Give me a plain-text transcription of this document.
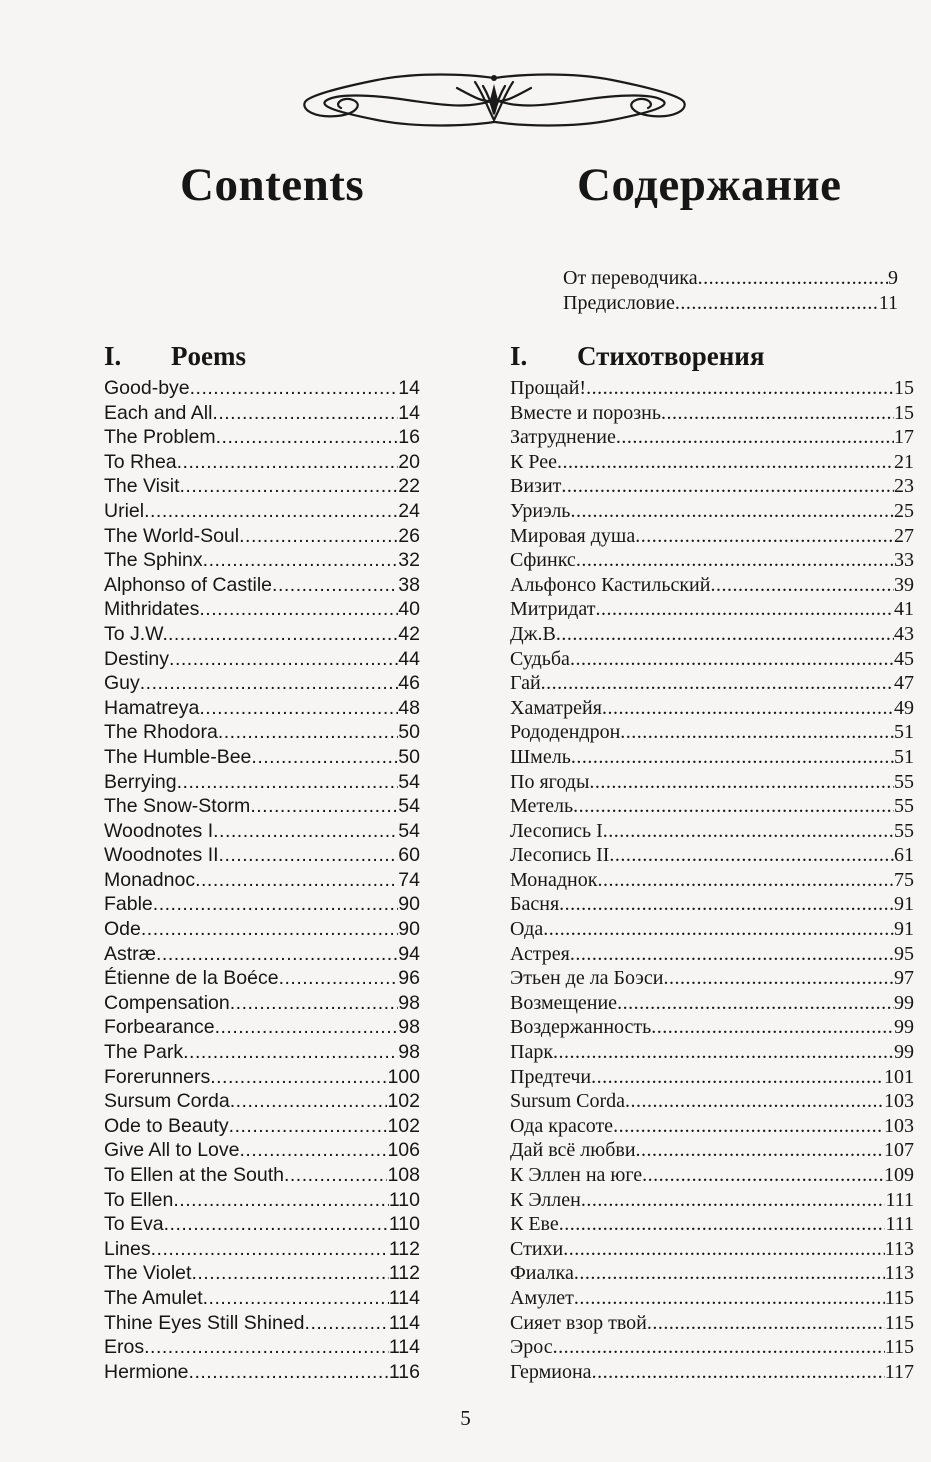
Contents	Содержание
От переводчика .....	9
Предисловие .....	11
I.	Poems
Good-bye .....	14
Each and All .....	14
The Problem .....	16
To Rhea .....	20
The Visit .....	22
Uriel .....	24
The World-Soul .....	26
The Sphinx .....	32
Alphonso of Castile .....	38
Mithridates .....	40
To J.W. .....	42
Destiny .....	44
Guy .....	46
Hamatreya .....	48
The Rhodora .....	50
The Humble-Bee .....	50
Berrying .....	54
The Snow-Storm .....	54
Woodnotes I .....	54
Woodnotes II .....	60
Monadnoc .....	74
Fable .....	90
Ode .....	90
Astræ .....	94
Étienne de la Boéce .....	96
Compensation .....	98
Forbearance .....	98
The Park .....	98
Forerunners .....	100
Sursum Corda .....	102
Ode to Beauty .....	102
Give All to Love .....	106
To Ellen at the South .....	108
To Ellen .....	110
To Eva .....	110
Lines .....	112
The Violet .....	112
The Amulet .....	114
Thine Eyes Still Shined .....	114
Eros .....	114
Hermione .....	116
I.	Стихотворения
Прощай! .....	15
Вместе и порознь .....	15
Затруднение .....	17
К Рее .....	21
Визит .....	23
Уриэль .....	25
Мировая душа .....	27
Сфинкс .....	33
Альфонсо Кастильский .....	39
Митридат .....	41
Дж.В .....	43
Судьба .....	45
Гай .....	47
Хаматрейя .....	49
Рододендрон .....	51
Шмель .....	51
По ягоды .....	55
Метель .....	55
Лесопись I .....	55
Лесопись II .....	61
Монаднок .....	75
Басня .....	91
Ода .....	91
Астрея .....	95
Этьен де ла Боэси .....	97
Возмещение .....	99
Воздержанность .....	99
Парк .....	99
Предтечи .....	101
Sursum Corda .....	103
Ода красоте .....	103
Дай всё любви .....	107
К Эллен на юге .....	109
К Эллен .....	111
К Еве .....	111
Стихи .....	113
Фиалка .....	113
Амулет .....	115
Сияет взор твой .....	115
Эрос .....	115
Гермиона .....	117
5
